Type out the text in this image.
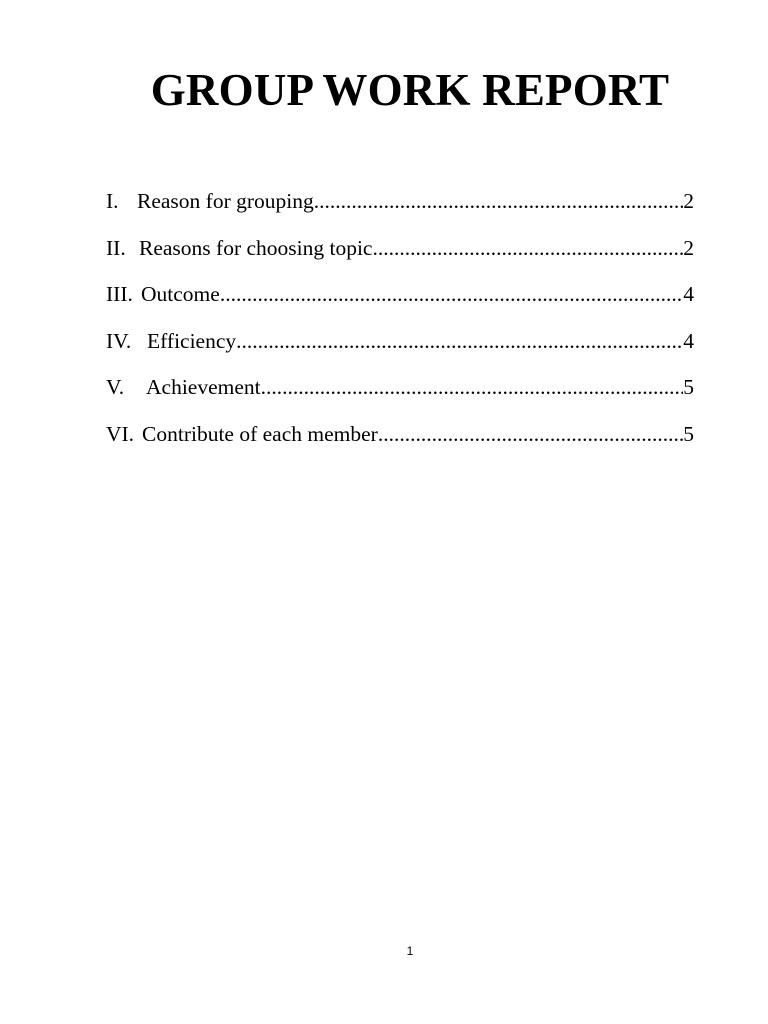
GROUP WORK REPORT
I. Reason for grouping .....	2
II. Reasons for choosing topic .....	2
III. Outcome .....	4
IV. Efficiency .....	4
V.	Achievement .....	5
VI. Contribute of each member .....	5
1
